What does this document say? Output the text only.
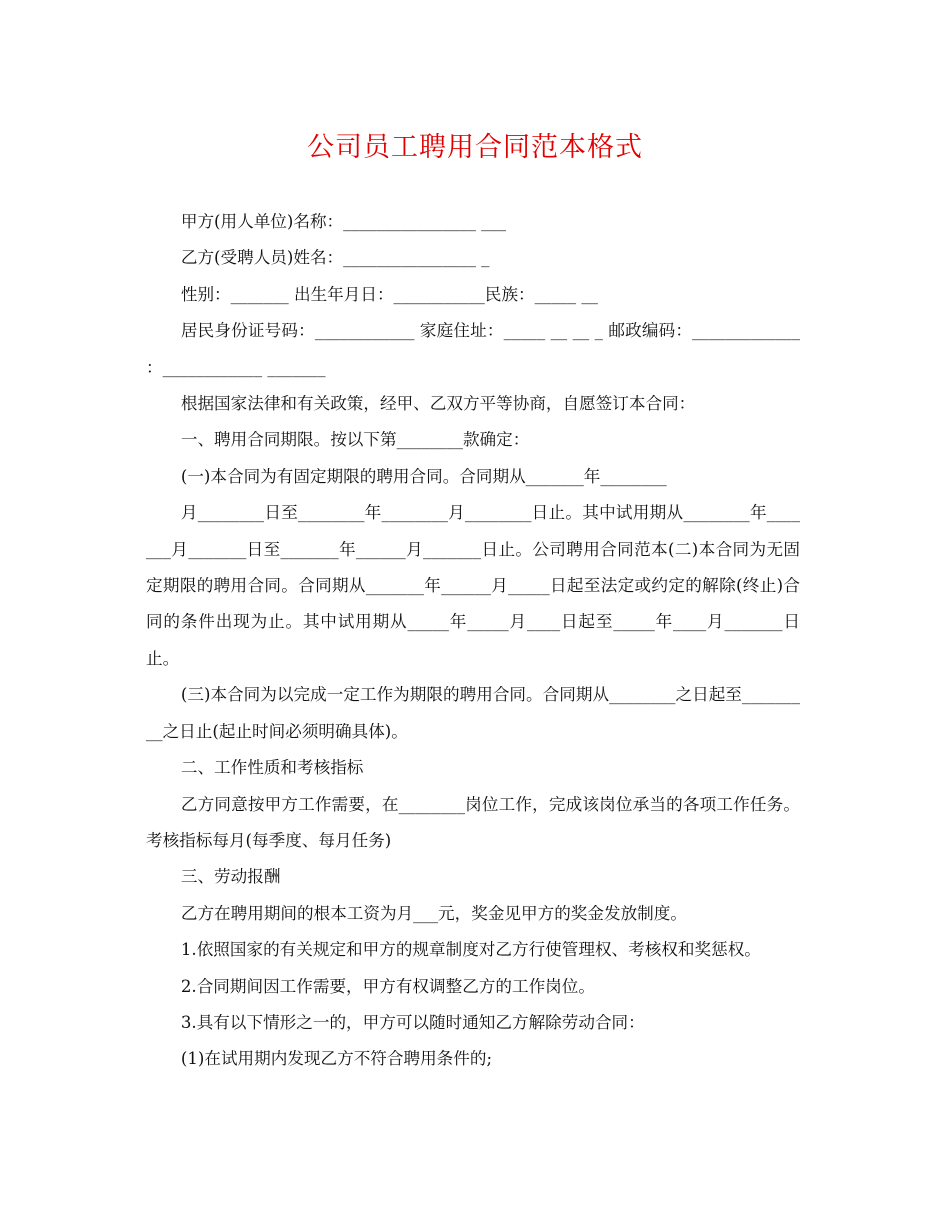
公司员工聘用合同范本格式

甲方(用人单位)名称：________________ ___

乙方(受聘人员)姓名：________________ _

性别：_______ 出生年月日：___________民族：_____ __

居民身份证号码：____________ 家庭住址：_____ __ __ _ 邮政编码：_____________ ：____________ _______

根据国家法律和有关政策，经甲、乙双方平等协商，自愿签订本合同：

一、聘用合同期限。按以下第________款确定：

(一)本合同为有固定期限的聘用合同。合同期从_______年________

月________日至________年________月________日止。其中试用期从________年_______月_______日至_______年______月_______日止。公司聘用合同范本(二)本合同为无固定期限的聘用合同。合同期从_______年______月_____日起至法定或约定的解除(终止)合同的条件出现为止。其中试用期从_____年_____月____日起至_____年____月_______日止。

(三)本合同为以完成一定工作为期限的聘用合同。合同期从________之日起至_________之日止(起止时间必须明确具体)。

二、工作性质和考核指标

乙方同意按甲方工作需要，在________岗位工作，完成该岗位承当的各项工作任务。考核指标每月(每季度、每月任务)

三、劳动报酬

乙方在聘用期间的根本工资为月___元，奖金见甲方的奖金发放制度。

1.依照国家的有关规定和甲方的规章制度对乙方行使管理权、考核权和奖惩权。

2.合同期间因工作需要，甲方有权调整乙方的工作岗位。

3.具有以下情形之一的，甲方可以随时通知乙方解除劳动合同：

(1)在试用期内发现乙方不符合聘用条件的;
